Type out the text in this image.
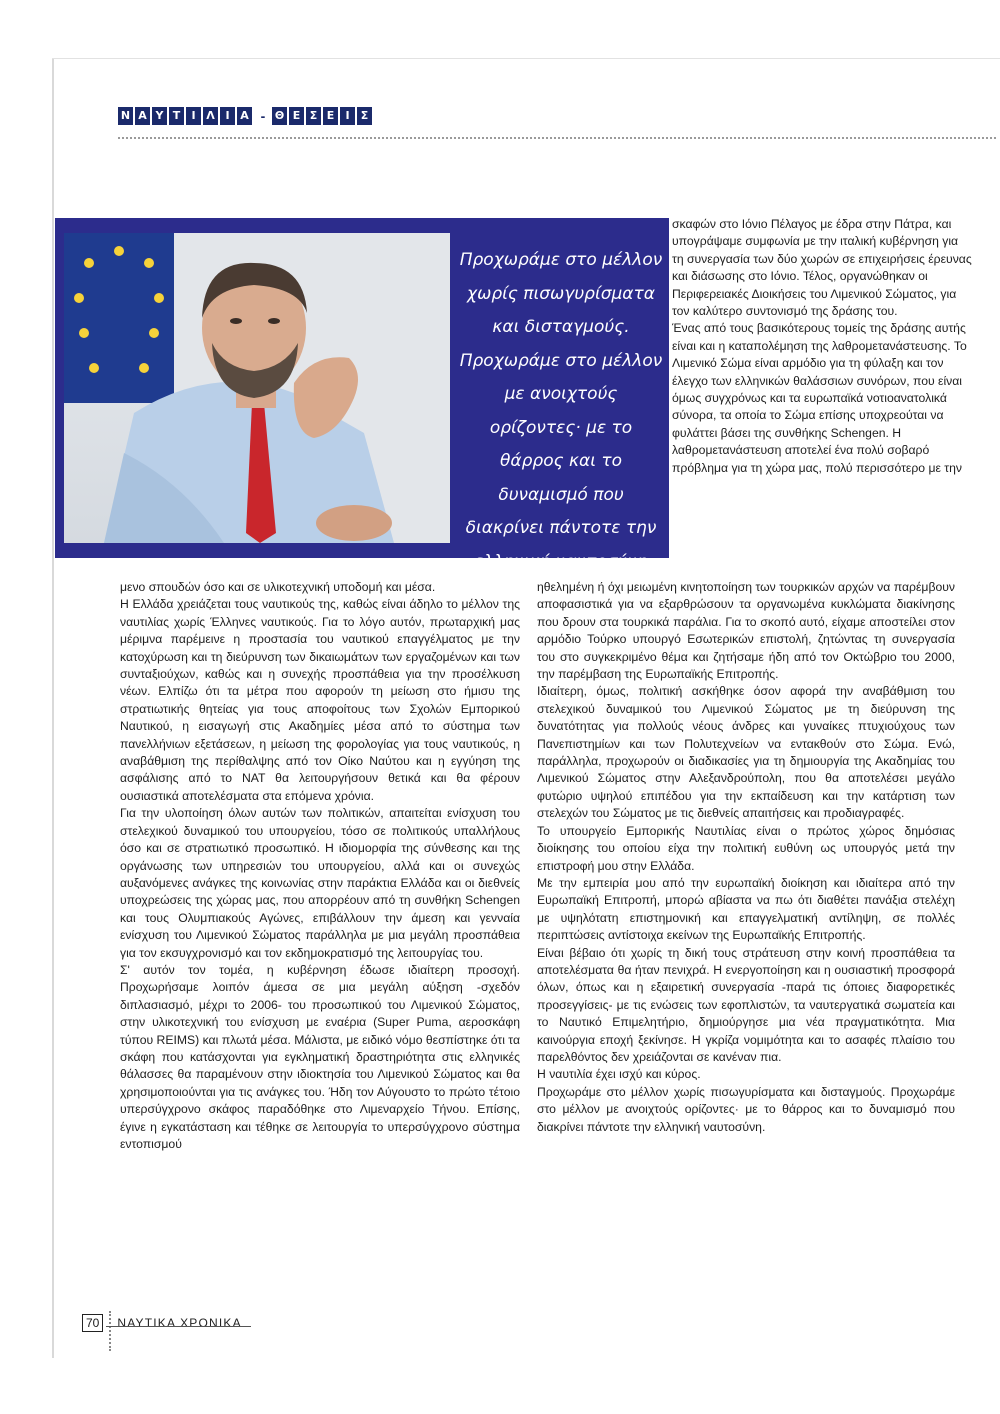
Ν Α Υ Τ	Ι Λ Ι Α - Θ Ε Σ Ε	Ι	Σ

Προχωράμε στο μέλλον χωρίς πισωγυρίσματα και δισταγμούς. Προχωράμε στο μέλλον με ανοιχτούς ορίζοντες· με το θάρρος και το δυναμισμό που διακρίνει πάντοτε την ελληνική ναυτοσύνη

σκαφών στο Ιόνιο Πέλαγος με έδρα στην Πάτρα, και υπογράψαμε συμφωνία με την ιταλική κυβέρνηση για τη συνεργασία των δύο χωρών σε επιχειρήσεις έρευνας και διάσωσης στο Ιόνιο. Τέλος, οργανώθηκαν οι Περιφερειακές Διοικήσεις του Λιμενικού Σώματος, για τον καλύτερο συντονισμό της δράσης του.

Ένας από τους βασικότερους τομείς της δράσης αυτής είναι και η καταπολέμηση της λαθρομετανάστευσης. Το Λιμενικό Σώμα είναι αρμόδιο για τη φύλαξη και τον έλεγχο των ελληνικών θαλάσσιων συνόρων, που είναι όμως συγχρόνως και τα ευρωπαϊκά νοτιοανατολικά σύνορα, τα οποία το Σώμα επίσης υποχρεούται να φυλάττει βάσει της συνθήκης Schengen. Η λαθρομετανάστευση αποτελεί ένα πολύ σοβαρό πρόβλημα για τη χώρα μας, πολύ περισσότερο με την

μενο σπουδών όσο και σε υλικοτεχνική υποδομή και μέσα.

Η Ελλάδα χρειάζεται τους ναυτικούς της, καθώς είναι άδηλο το μέλλον της ναυτιλίας χωρίς Έλληνες ναυτικούς. Για το λόγο αυτόν, πρωταρχική μας μέριμνα παρέμεινε η προστασία του ναυτικού επαγγέλματος με την κατοχύρωση και τη διεύρυνση των δικαιωμάτων των εργαζομένων και των συνταξιούχων, καθώς και η συνεχής προσπάθεια για την προσέλκυση νέων. Ελπίζω ότι τα μέτρα που αφορούν τη μείωση στο ήμισυ της στρατιωτικής θητείας για τους αποφοίτους των Σχολών Εμπορικού Ναυτικού, η εισαγωγή στις Ακαδημίες μέσα από το σύστημα των πανελλήνιων εξετάσεων, η μείωση της φορολογίας για τους ναυτικούς, η αναβάθμιση της περίθαλψης από τον Οίκο Ναύτου και η εγγύηση της ασφάλισης από το ΝΑΤ θα λειτουργήσουν θετικά και θα φέρουν ουσιαστικά αποτελέσματα στα επόμενα χρόνια.

Για την υλοποίηση όλων αυτών των πολιτικών, απαιτείται ενίσχυση του στελεχικού δυναμικού του υπουργείου, τόσο σε πολιτικούς υπαλλήλους όσο και σε στρατιωτικό προσωπικό. Η ιδιομορφία της σύνθεσης και της οργάνωσης των υπηρεσιών του υπουργείου, αλλά και οι συνεχώς αυξανόμενες ανάγκες της κοινωνίας στην παράκτια Ελλάδα και οι διεθνείς υποχρεώσεις της χώρας μας, που απορρέουν από τη συνθήκη Schengen και τους Ολυμπιακούς Αγώνες, επιβάλλουν την άμεση και γενναία ενίσχυση του Λιμενικού Σώματος παράλληλα με μια μεγάλη προσπάθεια για τον εκσυγχρονισμό και τον εκδημοκρατισμό της λειτουργίας του.

Σ' αυτόν τον τομέα, η κυβέρνηση έδωσε ιδιαίτερη προσοχή. Προχωρήσαμε λοιπόν άμεσα σε μια μεγάλη αύξηση -σχεδόν διπλασιασμό, μέχρι το 2006- του προσωπικού του Λιμενικού Σώματος, στην υλικοτεχνική του ενίσχυση με εναέρια (Super Puma, αεροσκάφη τύπου REIMS) και πλωτά μέσα. Μάλιστα, με ειδικό νόμο θεσπίστηκε ότι τα σκάφη που κατάσχονται για εγκληματική δραστηριότητα στις ελληνικές θάλασσες θα παραμένουν στην ιδιοκτησία του Λιμενικού Σώματος και θα χρησιμοποιούνται για τις ανάγκες του. Ήδη τον Αύγουστο το πρώτο τέτοιο υπερσύγχρονο σκάφος παραδόθηκε στο Λιμεναρχείο Τήνου. Επίσης, έγινε η εγκατάσταση και τέθηκε σε λειτουργία το υπερσύγχρονο σύστημα εντοπισμού

ηθελημένη ή όχι μειωμένη κινητοποίηση των τουρκικών αρχών να παρέμβουν αποφασιστικά για να εξαρθρώσουν τα οργανωμένα κυκλώματα διακίνησης που δρουν στα τουρκικά παράλια. Για το σκοπό αυτό, είχαμε αποστείλει στον αρμόδιο Τούρκο υπουργό Εσωτερικών επιστολή, ζητώντας τη συνεργασία του στο συγκεκριμένο θέμα και ζητήσαμε ήδη από τον Οκτώβριο του 2000, την παρέμβαση της Ευρωπαϊκής Επιτροπής.

Ιδιαίτερη, όμως, πολιτική ασκήθηκε όσον αφορά την αναβάθμιση του στελεχικού δυναμικού του Λιμενικού Σώματος με τη διεύρυνση της δυνατότητας για πολλούς νέους άνδρες και γυναίκες πτυχιούχους των Πανεπιστημίων και των Πολυτεχνείων να εντακθούν στο Σώμα. Ενώ, παράλληλα, προχωρούν οι διαδικασίες για τη δημιουργία της Ακαδημίας του Λιμενικού Σώματος στην Αλεξανδρούπολη, που θα αποτελέσει μεγάλο φυτώριο υψηλού επιπέδου για την εκπαίδευση και την κατάρτιση των στελεχών του Σώματος με τις διεθνείς απαιτήσεις και προδιαγραφές.

Το υπουργείο Εμπορικής Ναυτιλίας είναι ο πρώτος χώρος δημόσιας διοίκησης του οποίου είχα την πολιτική ευθύνη ως υπουργός μετά την επιστροφή μου στην Ελλάδα.

Με την εμπειρία μου από την ευρωπαϊκή διοίκηση και ιδιαίτερα από την Ευρωπαϊκή Επιτροπή, μπορώ αβίαστα να πω ότι διαθέτει πανάξια στελέχη με υψηλότατη επιστημονική και επαγγελματική αντίληψη, σε πολλές περιπτώσεις αντίστοιχα εκείνων της Ευρωπαϊκής Επιτροπής.

Είναι βέβαιο ότι χωρίς τη δική τους στράτευση στην κοινή προσπάθεια τα αποτελέσματα θα ήταν πενιχρά. Η ενεργοποίηση και η ουσιαστική προσφορά όλων, όπως και η εξαιρετική συνεργασία -παρά τις όποιες διαφορετικές προσεγγίσεις- με τις ενώσεις των εφοπλιστών, τα ναυτεργατικά σωματεία και το Ναυτικό Επιμελητήριο, δημιούργησε μια νέα πραγματικότητα. Μια καινούργια εποχή ξεκίνησε. Η γκρίζα νομιμότητα και το ασαφές πλαίσιο του παρελθόντος δεν χρειάζονται σε κανέναν πια.

Η ναυτιλία έχει ισχύ και κύρος.

Προχωράμε στο μέλλον χωρίς πισωγυρίσματα και δισταγμούς. Προχωράμε στο μέλλον με ανοιχτούς ορίζοντες· με το θάρρος και το δυναμισμό που διακρίνει πάντοτε την ελληνική ναυτοσύνη.

70	ΝΑΥΤΙΚΑ ΧΡΟΝΙΚΑ
